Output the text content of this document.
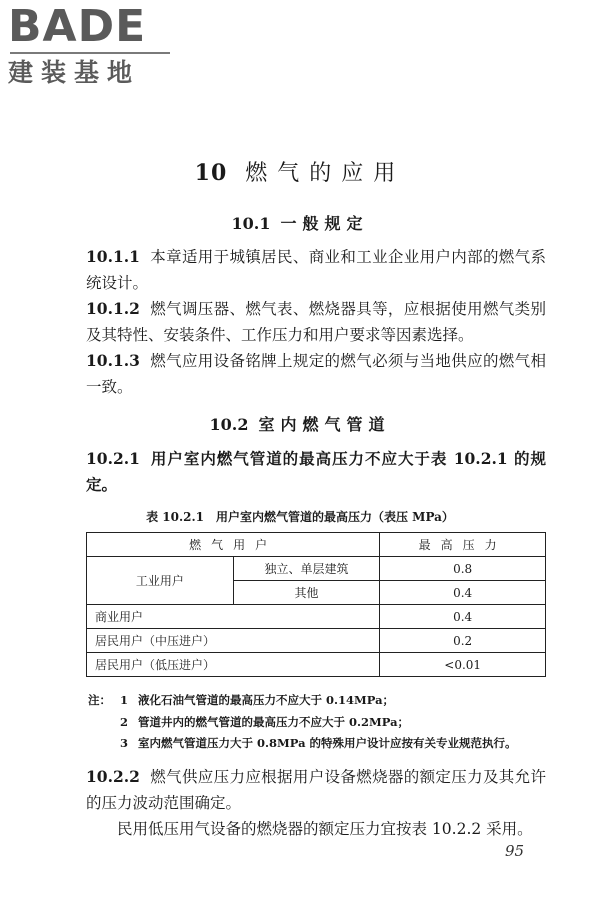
BADE
建装基地
10 燃气的应用
10.1 一般规定
10.1.1 本章适用于城镇居民、商业和工业企业用户内部的燃气系统设计。
10.1.2 燃气调压器、燃气表、燃烧器具等，应根据使用燃气类别及其特性、安装条件、工作压力和用户要求等因素选择。
10.1.3 燃气应用设备铭牌上规定的燃气必须与当地供应的燃气相一致。
10.2 室内燃气管道
10.2.1 用户室内燃气管道的最高压力不应大于表 10.2.1 的规定。
表 10.2.1　用户室内燃气管道的最高压力（表压 MPa）
燃气用户		最高压力
工业用户	独立、单层建筑	0.8
	其他	0.4
商业用户		0.4
居民用户（中压进户）		0.2
居民用户（低压进户）		<0.01
注： 1 液化石油气管道的最高压力不应大于 0.14MPa；
2 管道井内的燃气管道的最高压力不应大于 0.2MPa；
3 室内燃气管道压力大于 0.8MPa 的特殊用户设计应按有关专业规范执行。
10.2.2 燃气供应压力应根据用户设备燃烧器的额定压力及其允许的压力波动范围确定。
民用低压用气设备的燃烧器的额定压力宜按表 10.2.2 采用。
95
